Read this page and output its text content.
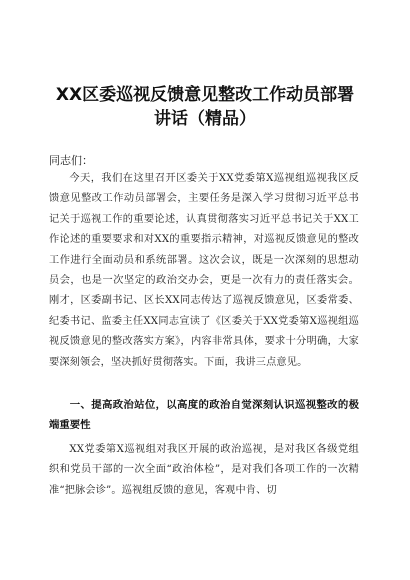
XX区委巡视反馈意见整改工作动员部署
讲话（精品）

同志们：

今天，我们在这里召开区委关于XX党委第X巡视组巡视我区反馈意见整改工作动员部署会，主要任务是深入学习贯彻习近平总书记关于巡视工作的重要论述，认真贯彻落实习近平总书记关于XX工作论述的重要要求和对XX的重要指示精神，对巡视反馈意见的整改工作进行全面动员和系统部署。这次会议，既是一次深刻的思想动员会，也是一次坚定的政治交办会，更是一次有力的责任落实会。刚才，区委副书记、区长XX同志传达了巡视反馈意见，区委常委、纪委书记、监委主任XX同志宣读了《区委关于XX党委第X巡视组巡视反馈意见的整改落实方案》，内容非常具体，要求十分明确，大家要深刻领会，坚决抓好贯彻落实。下面，我讲三点意见。

一、提高政治站位，以高度的政治自觉深刻认识巡视整改的极端重要性

XX党委第X巡视组对我区开展的政治巡视，是对我区各级党组织和党员干部的一次全面“政治体检”，是对我们各项工作的一次精准“把脉会诊”。巡视组反馈的意见，客观中肯、切
